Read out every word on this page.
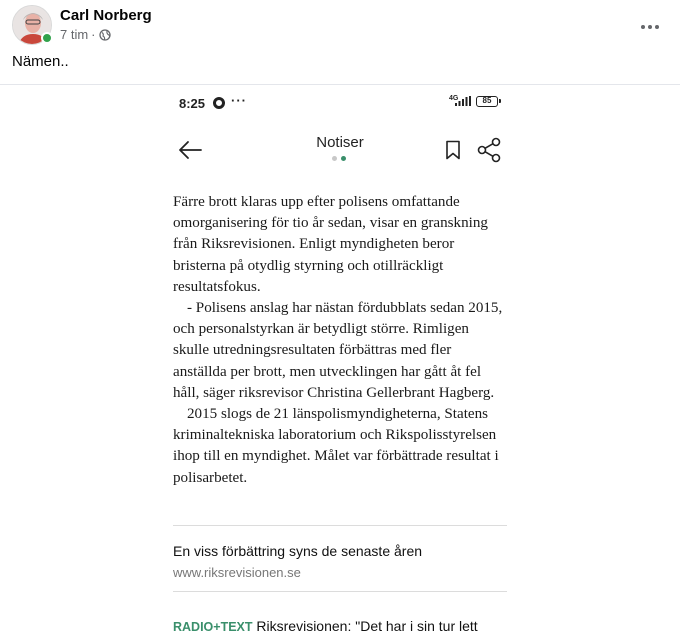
Carl Norberg
7 tim ·
Nämen..
8:25 ···	4G	85
Notiser

Färre brott klaras upp efter polisens omfattande omorganisering för tio år sedan, visar en granskning från Riksrevisionen. Enligt myndigheten beror bristerna på otydlig styrning och otillräckligt resultatsfokus.

- Polisens anslag har nästan fördubblats sedan 2015, och personalstyrkan är betydligt större. Rimligen skulle utredningsresultaten förbättras med fler anställda per brott, men utvecklingen har gått åt fel håll, säger riksrevisor Christina Gellerbrant Hagberg.

2015 slogs de 21 länspolismyndigheterna, Statens kriminaltekniska laboratorium och Rikspolisstyrelsen ihop till en myndighet. Målet var förbättrade resultat i polisarbetet.

En viss förbättring syns de senaste åren
www.riksrevisionen.se
RADIO+TEXT Riksrevisionen: "Det har i sin tur lett
